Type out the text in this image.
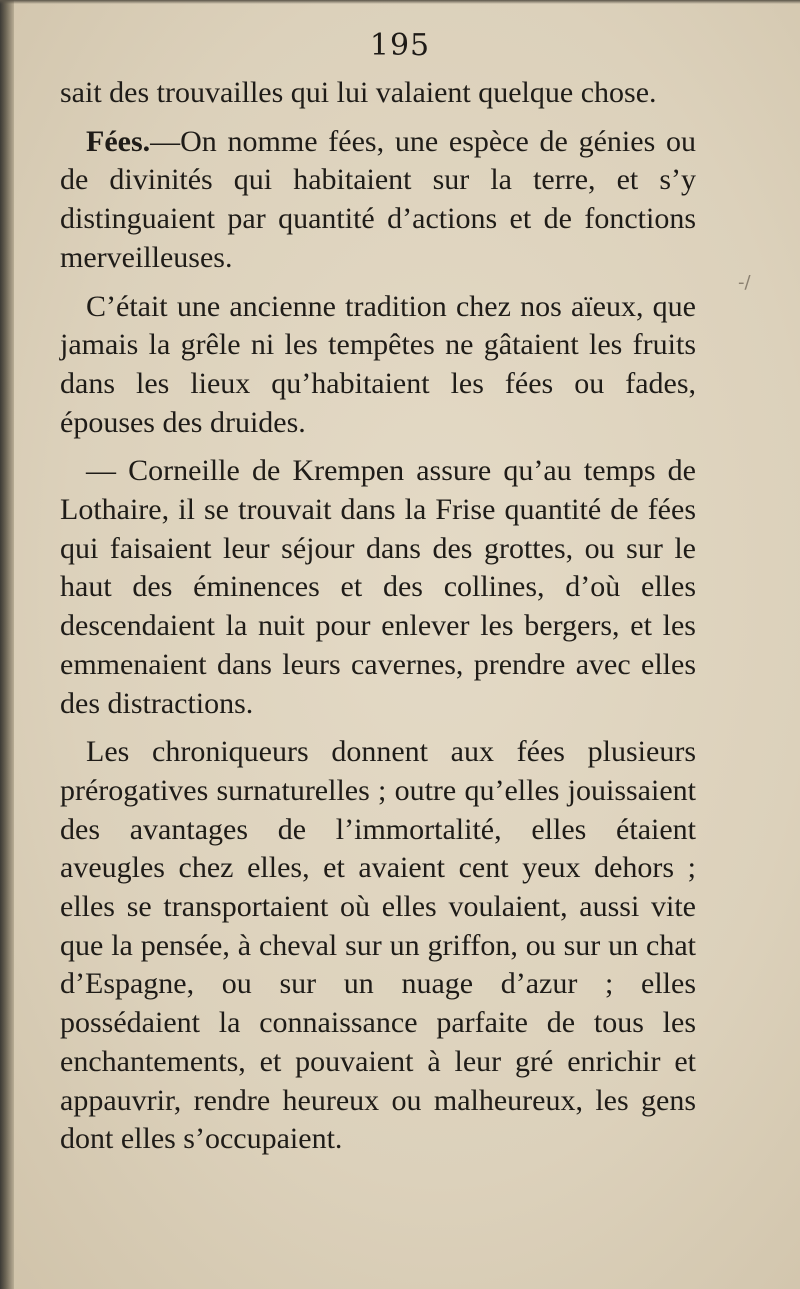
195
-/

sait des trouvailles qui lui valaient quelque chose.

Fées.—On nomme fées, une espèce de génies ou de divinités qui habitaient sur la terre, et s’y distinguaient par quantité d’actions et de fonctions merveilleuses.

C’était une ancienne tradition chez nos aïeux, que jamais la grêle ni les tempêtes ne gâtaient les fruits dans les lieux qu’habitaient les fées ou fades, épouses des druides.

— Corneille de Krempen assure qu’au temps de Lothaire, il se trouvait dans la Frise quantité de fées qui faisaient leur séjour dans des grottes, ou sur le haut des éminences et des collines, d’où elles descendaient la nuit pour enlever les bergers, et les emmenaient dans leurs cavernes, prendre avec elles des distractions.

Les chroniqueurs donnent aux fées plusieurs prérogatives surnaturelles ; outre qu’elles jouissaient des avantages de l’immortalité, elles étaient aveugles chez elles, et avaient cent yeux dehors ; elles se transportaient où elles voulaient, aussi vite que la pensée, à cheval sur un griffon, ou sur un chat d’Espagne, ou sur un nuage d’azur ; elles possédaient la connaissance parfaite de tous les enchantements, et pouvaient à leur gré enrichir et appauvrir, rendre heureux ou malheureux, les gens dont elles s’occupaient.
